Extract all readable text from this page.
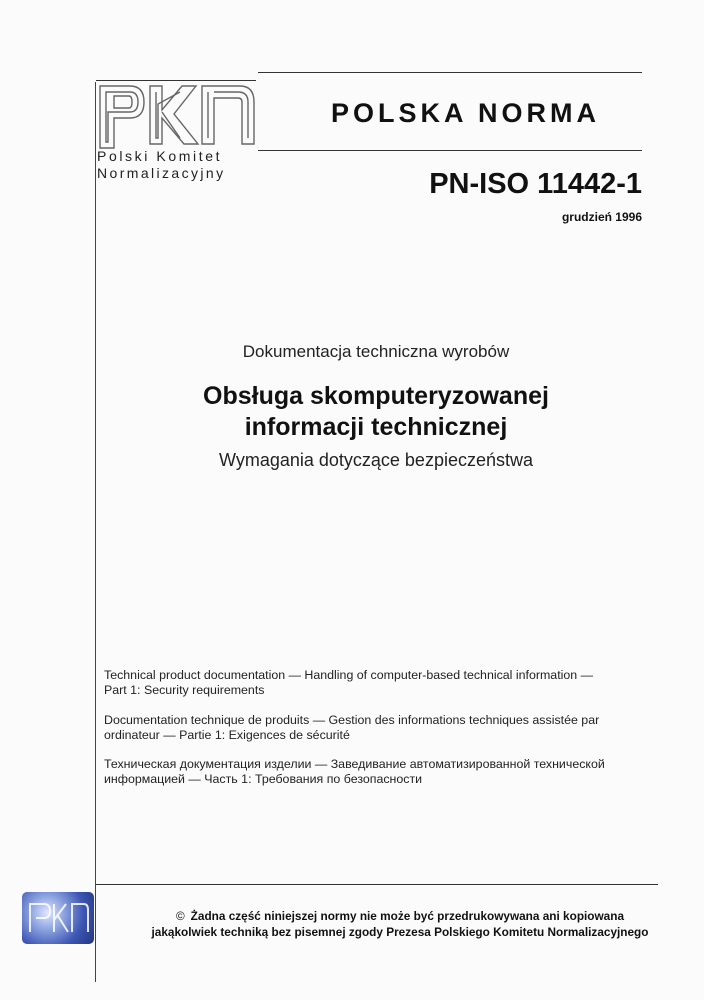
Polski Komitet
Normalizacyjny
POLSKA NORMA
PN-ISO 11442-1
grudzień 1996
Dokumentacja techniczna wyrobów
Obsługa skomputeryzowanej
informacji technicznej
Wymagania dotyczące bezpieczeństwa
Technical product documentation — Handling of computer-based technical information —
Part 1: Security requirements
Documentation technique de produits — Gestion des informations techniques assistée par
ordinateur — Partie 1: Exigences de sécurité
Техническая документация изделии — Заведивание автоматизированной технической
информацией — Часть 1: Требования по безопасности
© Żadna część niniejszej normy nie może być przedrukowywana ani kopiowana
jakąkolwiek techniką bez pisemnej zgody Prezesa Polskiego Komitetu Normalizacyjnego
